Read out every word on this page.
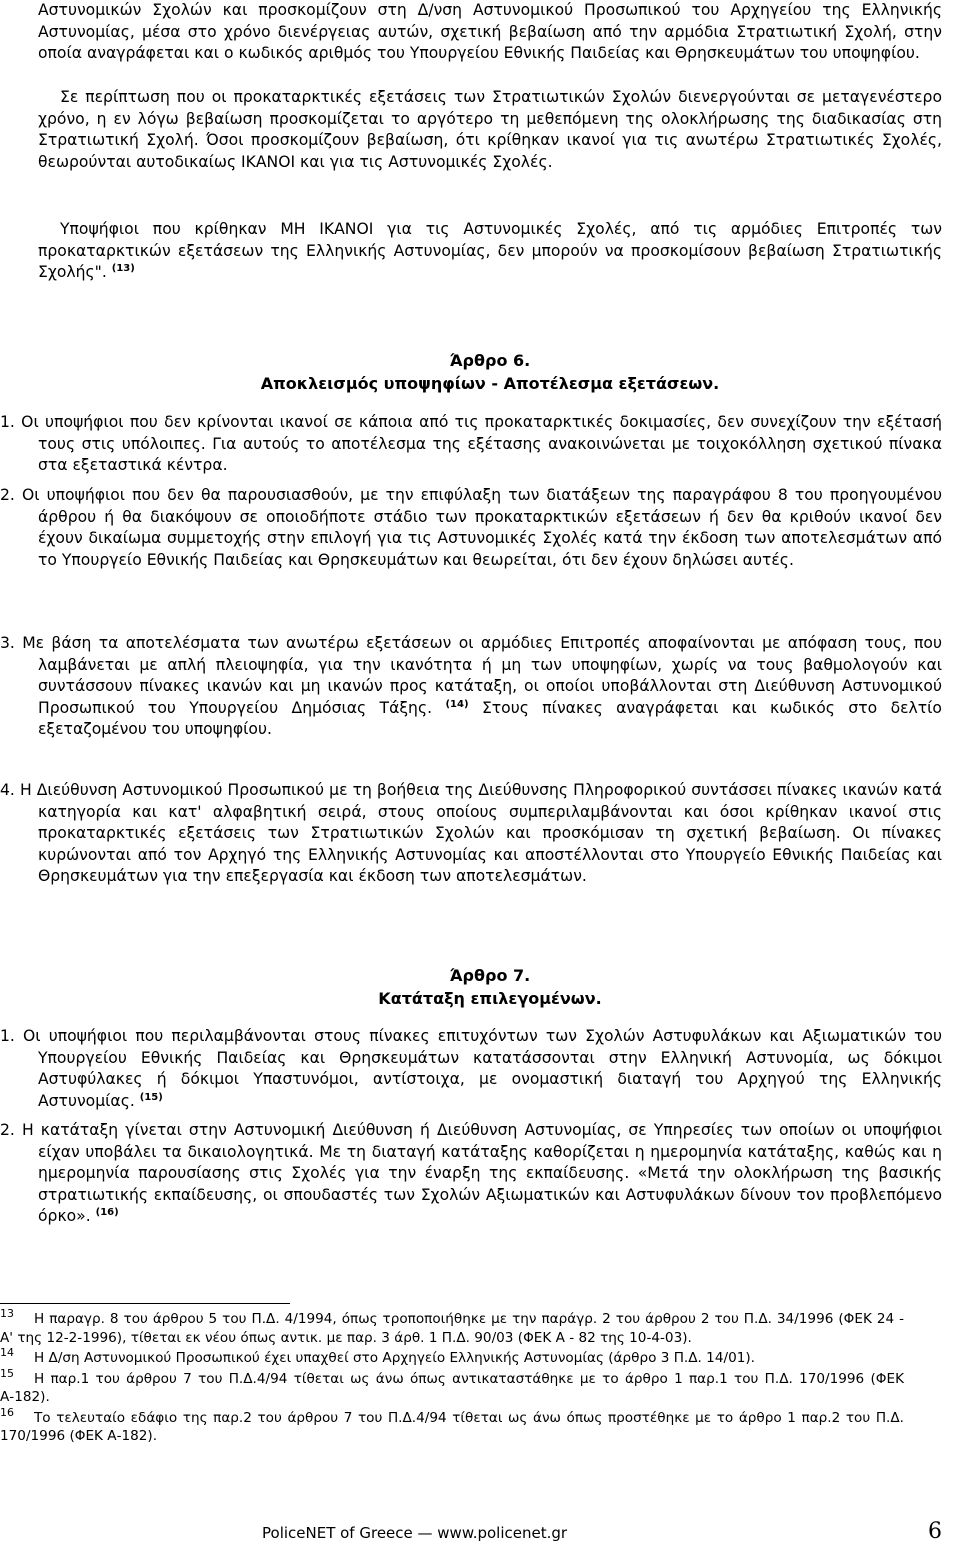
Αστυνομικών Σχολών και προσκομίζουν στη Δ/νση Αστυνομικού Προσωπικού του Αρχηγείου της Ελληνικής Αστυνομίας, μέσα στο χρόνο διενέργειας αυτών, σχετική βεβαίωση από την αρμόδια Στρατιωτική Σχολή, στην οποία αναγράφεται και ο κωδικός αριθμός του Υπουργείου Εθνικής Παιδείας και Θρησκευμάτων του υποψηφίου.

Σε περίπτωση που οι προκαταρκτικές εξετάσεις των Στρατιωτικών Σχολών διενεργούνται σε μεταγενέστερο χρόνο, η εν λόγω βεβαίωση προσκομίζεται το αργότερο τη μεθεπόμενη της ολοκλήρωσης της διαδικασίας στη Στρατιωτική Σχολή. Όσοι προσκομίζουν βεβαίωση, ότι κρίθηκαν ικανοί για τις ανωτέρω Στρατιωτικές Σχολές, θεωρούνται αυτοδικαίως ΙΚΑΝΟΙ και για τις Αστυνομικές Σχολές.

Υποψήφιοι που κρίθηκαν ΜΗ ΙΚΑΝΟΙ για τις Αστυνομικές Σχολές, από τις αρμόδιες Επιτροπές των προκαταρκτικών εξετάσεων της Ελληνικής Αστυνομίας, δεν μπορούν να προσκομίσουν βεβαίωση Στρατιωτικής Σχολής". $^{(13)}$

Άρθρο 6.
Αποκλεισμός υποψηφίων - Αποτέλεσμα εξετάσεων.

1. Οι υποψήφιοι που δεν κρίνονται ικανοί σε κάποια από τις προκαταρκτικές δοκιμασίες, δεν συνεχίζουν την εξέτασή τους στις υπόλοιπες. Για αυτούς το αποτέλεσμα της εξέτασης ανακοινώνεται με τοιχοκόλληση σχετικού πίνακα στα εξεταστικά κέντρα.

2. Οι υποψήφιοι που δεν θα παρουσιασθούν, με την επιφύλαξη των διατάξεων της παραγράφου 8 του προηγουμένου άρθρου ή θα διακόψουν σε οποιοδήποτε στάδιο των προκαταρκτικών εξετάσεων ή δεν θα κριθούν ικανοί δεν έχουν δικαίωμα συμμετοχής στην επιλογή για τις Αστυνομικές Σχολές κατά την έκδοση των αποτελεσμάτων από το Υπουργείο Εθνικής Παιδείας και Θρησκευμάτων και θεωρείται, ότι δεν έχουν δηλώσει αυτές.

3. Με βάση τα αποτελέσματα των ανωτέρω εξετάσεων οι αρμόδιες Επιτροπές αποφαίνονται με απόφαση τους, που λαμβάνεται με απλή πλειοψηφία, για την ικανότητα ή μη των υποψηφίων, χωρίς να τους βαθμολογούν και συντάσσουν πίνακες ικανών και μη ικανών προς κατάταξη, οι οποίοι υποβάλλονται στη Διεύθυνση Αστυνομικού Προσωπικού του Υπουργείου Δημόσιας Τάξης. $^{(14)}$ Στους πίνακες αναγράφεται και κωδικός στο δελτίο εξεταζομένου του υποψηφίου.

4. Η Διεύθυνση Αστυνομικού Προσωπικού με τη βοήθεια της Διεύθυνσης Πληροφορικού συντάσσει πίνακες ικανών κατά κατηγορία και κατ' αλφαβητική σειρά, στους οποίους συμπεριλαμβάνονται και όσοι κρίθηκαν ικανοί στις προκαταρκτικές εξετάσεις των Στρατιωτικών Σχολών και προσκόμισαν τη σχετική βεβαίωση. Οι πίνακες κυρώνονται από τον Αρχηγό της Ελληνικής Αστυνομίας και αποστέλλονται στο Υπουργείο Εθνικής Παιδείας και Θρησκευμάτων για την επεξεργασία και έκδοση των αποτελεσμάτων.

Άρθρο 7.
Κατάταξη επιλεγομένων.

1. Οι υποψήφιοι που περιλαμβάνονται στους πίνακες επιτυχόντων των Σχολών Αστυφυλάκων και Αξιωματικών του Υπουργείου Εθνικής Παιδείας και Θρησκευμάτων κατατάσσονται στην Ελληνική Αστυνομία, ως δόκιμοι Αστυφύλακες ή δόκιμοι Υπαστυνόμοι, αντίστοιχα, με ονομαστική διαταγή του Αρχηγού της Ελληνικής Αστυνομίας. $^{(15)}$

2. Η κατάταξη γίνεται στην Αστυνομική Διεύθυνση ή Διεύθυνση Αστυνομίας, σε Υπηρεσίες των οποίων οι υποψήφιοι είχαν υποβάλει τα δικαιολογητικά. Με τη διαταγή κατάταξης καθορίζεται η ημερομηνία κατάταξης, καθώς και η ημερομηνία παρουσίασης στις Σχολές για την έναρξη της εκπαίδευσης. «Μετά την ολοκλήρωση της βασικής στρατιωτικής εκπαίδευσης, οι σπουδαστές των Σχολών Αξιωματικών και Αστυφυλάκων δίνουν τον προβλεπόμενο όρκο». $^{(16)}$

$^{13}$ Η παραγρ. 8 του άρθρου 5 του Π.Δ. 4/1994, όπως τροποποιήθηκε με την παράγρ. 2 του άρθρου 2 του Π.Δ. 34/1996 (ΦΕΚ 24 - Α' της 12-2-1996), τίθεται εκ νέου όπως αντικ. με παρ. 3 άρθ. 1 Π.Δ. 90/03 (ΦΕΚ Α - 82 της 10-4-03).

$^{14}$ Η Δ/ση Αστυνομικού Προσωπικού έχει υπαχθεί στο Αρχηγείο Ελληνικής Αστυνομίας (άρθρο 3 Π.Δ. 14/01).

$^{15}$ Η παρ.1 του άρθρου 7 του Π.Δ.4/94 τίθεται ως άνω όπως αντικαταστάθηκε με το άρθρο 1 παρ.1 του Π.Δ. 170/1996 (ΦΕΚ Α-182).

$^{16}$ Το τελευταίο εδάφιο της παρ.2 του άρθρου 7 του Π.Δ.4/94 τίθεται ως άνω όπως προστέθηκε με το άρθρο 1 παρ.2 του Π.Δ. 170/1996 (ΦΕΚ Α-182).

PoliceNET of Greece — www.policenet.gr	6
